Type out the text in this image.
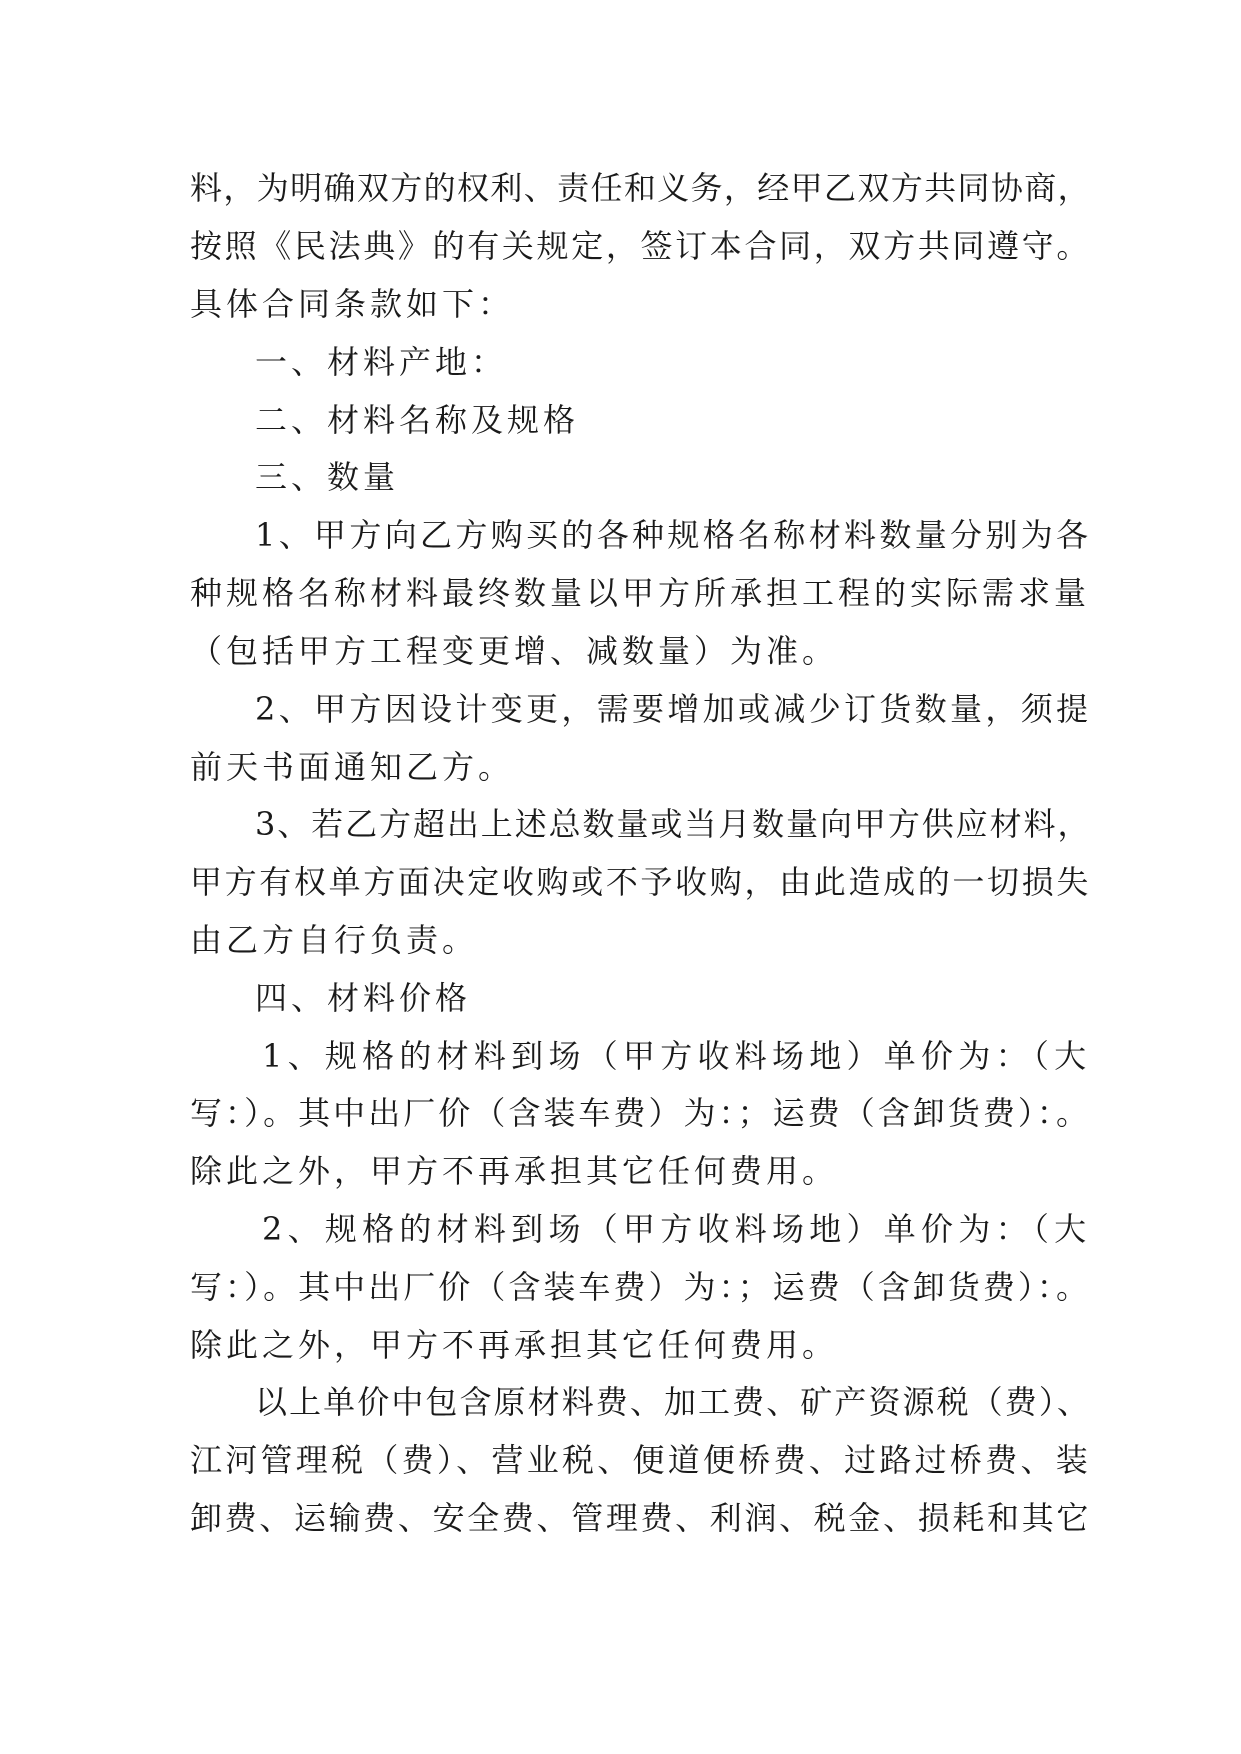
料，为明确双方的权利、责任和义务，经甲乙双方共同协商，

按照《民法典》的有关规定，签订本合同，双方共同遵守。

具体合同条款如下：

一、材料产地：

二、材料名称及规格

三、数量

1、甲方向乙方购买的各种规格名称材料数量分别为各

种规格名称材料最终数量以甲方所承担工程的实际需求量

（包括甲方工程变更增、减数量）为准。

2、甲方因设计变更，需要增加或减少订货数量，须提

前天书面通知乙方。

3、若乙方超出上述总数量或当月数量向甲方供应材料，

甲方有权单方面决定收购或不予收购，由此造成的一切损失

由乙方自行负责。

四、材料价格

1、规格的材料到场（甲方收料场地）单价为：（大

写：）。其中出厂价（含装车费）为：；运费（含卸货费）：。

除此之外，甲方不再承担其它任何费用。

2、规格的材料到场（甲方收料场地）单价为：（大

写：）。其中出厂价（含装车费）为：；运费（含卸货费）：。

除此之外，甲方不再承担其它任何费用。

以上单价中包含原材料费、加工费、矿产资源税（费）、

江河管理税（费）、营业税、便道便桥费、过路过桥费、装

卸费、运输费、安全费、管理费、利润、税金、损耗和其它
